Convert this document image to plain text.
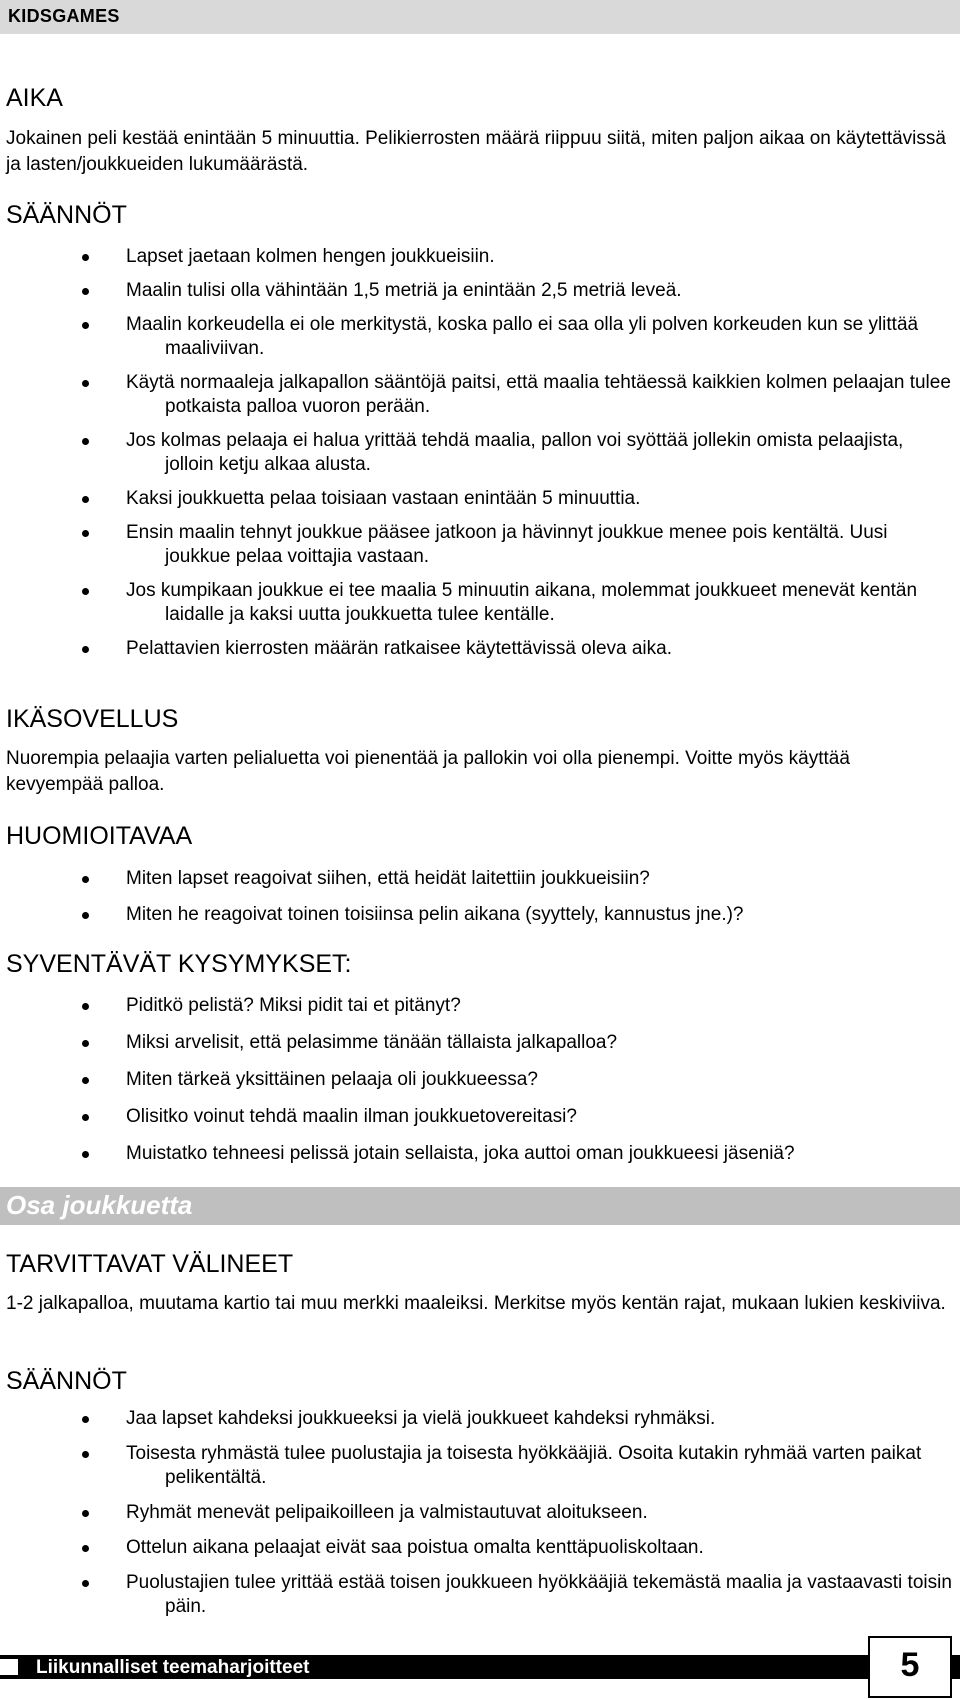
KIDSGAMES
AIKA
Jokainen peli kestää enintään 5 minuuttia. Pelikierrosten määrä riippuu siitä, miten paljon aikaa on käytettävissä ja lasten/joukkueiden lukumäärästä.
SÄÄNNÖT
Lapset jaetaan kolmen hengen joukkueisiin.
Maalin tulisi olla vähintään 1,5 metriä ja enintään 2,5 metriä leveä.
Maalin korkeudella ei ole merkitystä, koska pallo ei saa olla yli polven korkeuden kun se ylittää maaliviivan.
Käytä normaaleja jalkapallon sääntöjä paitsi, että maalia tehtäessä kaikkien kolmen pelaajan tulee potkaista palloa vuoron perään.
Jos kolmas pelaaja ei halua yrittää tehdä maalia, pallon voi syöttää jollekin omista pelaajista, jolloin ketju alkaa alusta.
Kaksi joukkuetta pelaa toisiaan vastaan enintään 5 minuuttia.
Ensin maalin tehnyt joukkue pääsee jatkoon ja hävinnyt joukkue menee pois kentältä. Uusi joukkue pelaa voittajia vastaan.
Jos kumpikaan joukkue ei tee maalia 5 minuutin aikana, molemmat joukkueet menevät kentän laidalle ja kaksi uutta joukkuetta tulee kentälle.
Pelattavien kierrosten määrän ratkaisee käytettävissä oleva aika.
IKÄSOVELLUS
Nuorempia pelaajia varten pelialuetta voi pienentää ja pallokin voi olla pienempi. Voitte myös käyttää kevyempää palloa.
HUOMIOITAVAA
Miten lapset reagoivat siihen, että heidät laitettiin joukkueisiin?
Miten he reagoivat toinen toisiinsa pelin aikana (syyttely, kannustus jne.)?
SYVENTÄVÄT KYSYMYKSET:
Piditkö pelistä? Miksi pidit tai et pitänyt?
Miksi arvelisit, että pelasimme tänään tällaista jalkapalloa?
Miten tärkeä yksittäinen pelaaja oli joukkueessa?
Olisitko voinut tehdä maalin ilman joukkuetovereitasi?
Muistatko tehneesi pelissä jotain sellaista, joka auttoi oman joukkueesi jäseniä?
Osa joukkuetta
TARVITTAVAT VÄLINEET
1-2 jalkapalloa, muutama kartio tai muu merkki maaleiksi. Merkitse myös kentän rajat, mukaan lukien keskiviiva.
SÄÄNNÖT
Jaa lapset kahdeksi joukkueeksi ja vielä joukkueet kahdeksi ryhmäksi.
Toisesta ryhmästä tulee puolustajia ja toisesta hyökkääjiä. Osoita kutakin ryhmää varten paikat pelikentältä.
Ryhmät menevät pelipaikoilleen ja valmistautuvat aloitukseen.
Ottelun aikana pelaajat eivät saa poistua omalta kenttäpuoliskoltaan.
Puolustajien tulee yrittää estää toisen joukkueen hyökkääjiä tekemästä maalia ja vastaavasti toisin päin.
Liikunnalliset teemaharjoitteet	5
